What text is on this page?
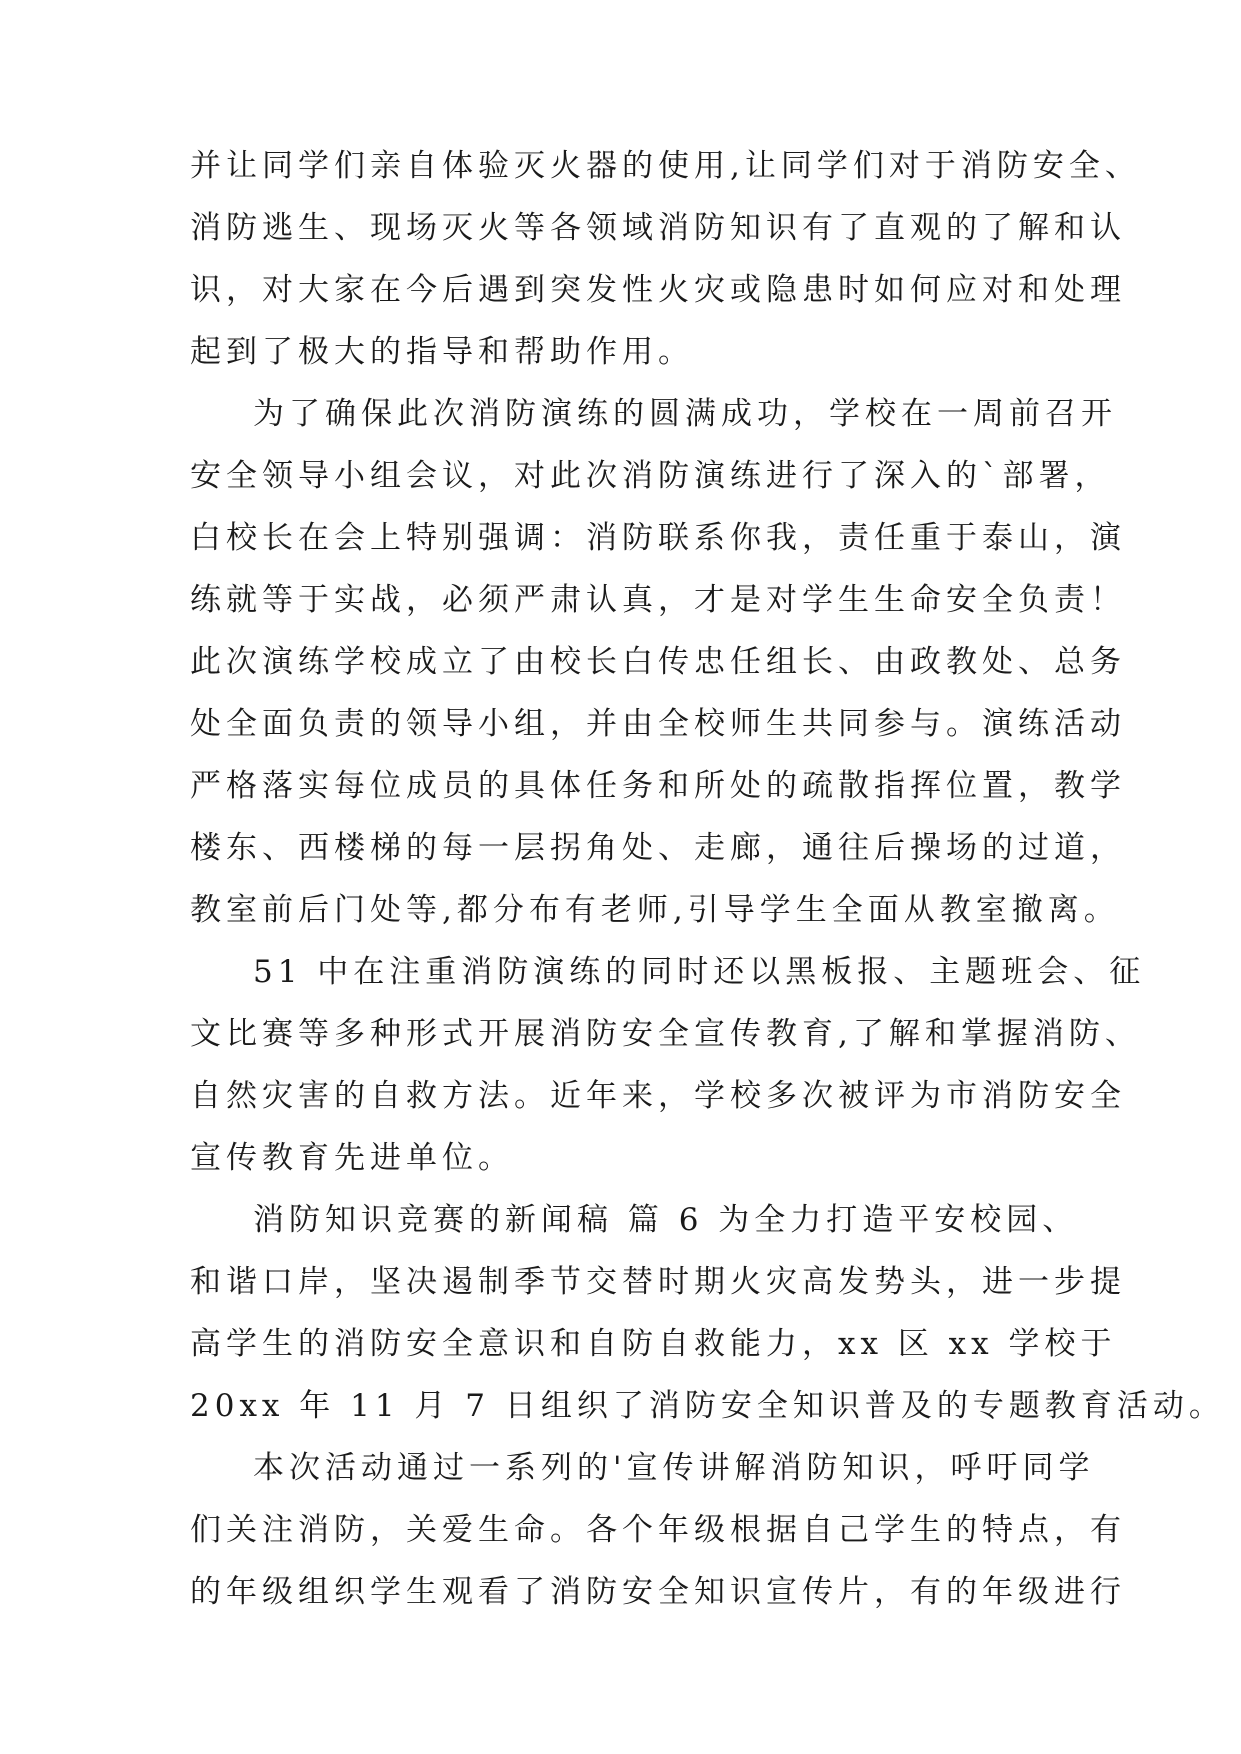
并让同学们亲自体验灭火器的使用,让同学们对于消防安全、
消防逃生、现场灭火等各领域消防知识有了直观的了解和认
识，对大家在今后遇到突发性火灾或隐患时如何应对和处理
起到了极大的指导和帮助作用。
为了确保此次消防演练的圆满成功，学校在一周前召开
安全领导小组会议，对此次消防演练进行了深入的`部署，
白校长在会上特别强调：消防联系你我，责任重于泰山，演
练就等于实战，必须严肃认真，才是对学生生命安全负责！
此次演练学校成立了由校长白传忠任组长、由政教处、总务
处全面负责的领导小组，并由全校师生共同参与。演练活动
严格落实每位成员的具体任务和所处的疏散指挥位置，教学
楼东、西楼梯的每一层拐角处、走廊，通往后操场的过道，
教室前后门处等,都分布有老师,引导学生全面从教室撤离。
51 中在注重消防演练的同时还以黑板报、主题班会、征
文比赛等多种形式开展消防安全宣传教育,了解和掌握消防、
自然灾害的自救方法。近年来，学校多次被评为市消防安全
宣传教育先进单位。
消防知识竞赛的新闻稿 篇 6 为全力打造平安校园、
和谐口岸，坚决遏制季节交替时期火灾高发势头，进一步提
高学生的消防安全意识和自防自救能力，xx 区 xx 学校于
20xx 年 11 月 7 日组织了消防安全知识普及的专题教育活动。
本次活动通过一系列的'宣传讲解消防知识，呼吁同学
们关注消防，关爱生命。各个年级根据自己学生的特点，有
的年级组织学生观看了消防安全知识宣传片，有的年级进行
